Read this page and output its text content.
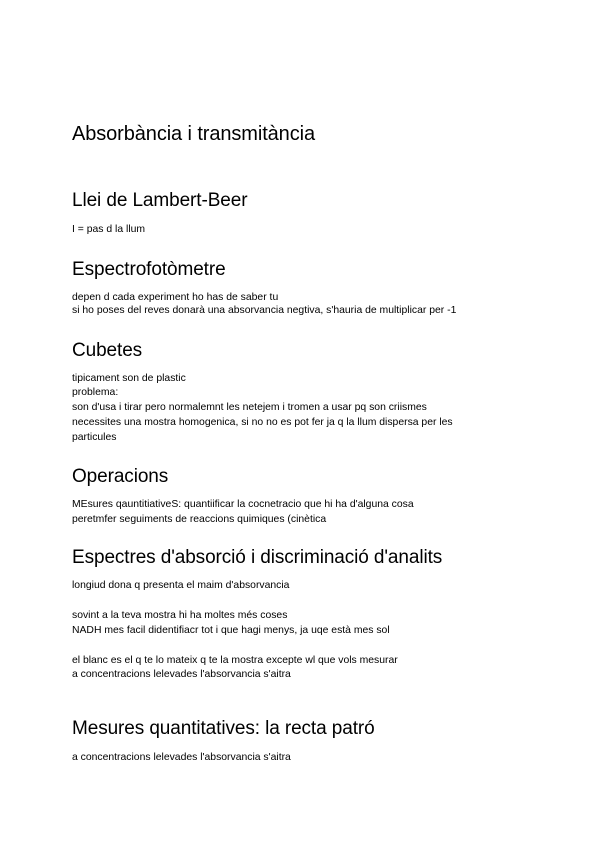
Absorbància i transmitància
Llei de Lambert-Beer

I = pas d la llum

Espectrofotòmetre

depen d cada experiment ho has de saber tu

si ho poses del reves donarà una absorvancia negtiva, s'hauria de multiplicar per -1

Cubetes

tipicament son de plastic

problema:

son d'usa i tirar pero normalemnt les netejem i tromen a usar pq son criismes

necessites una mostra homogenica, si no no es pot fer ja q la llum dispersa per les

particules

Operacions

MEsures qauntitiativeS: quantiificar la cocnetracio que hi ha d'alguna cosa

peretmfer seguiments de reaccions quimiques (cinètica

Espectres d'absorció i discriminació d'analits

longiud dona q presenta el maim d'absorvancia

sovint a la teva mostra hi ha moltes més coses

NADH mes facil didentifiacr tot i que hagi menys, ja uqe està mes sol

el blanc es el q te lo mateix q te la mostra excepte wl que vols mesurar

a concentracions lelevades l'absorvancia s'aitra

Mesures quantitatives: la recta patró

a concentracions lelevades l'absorvancia s'aitra
